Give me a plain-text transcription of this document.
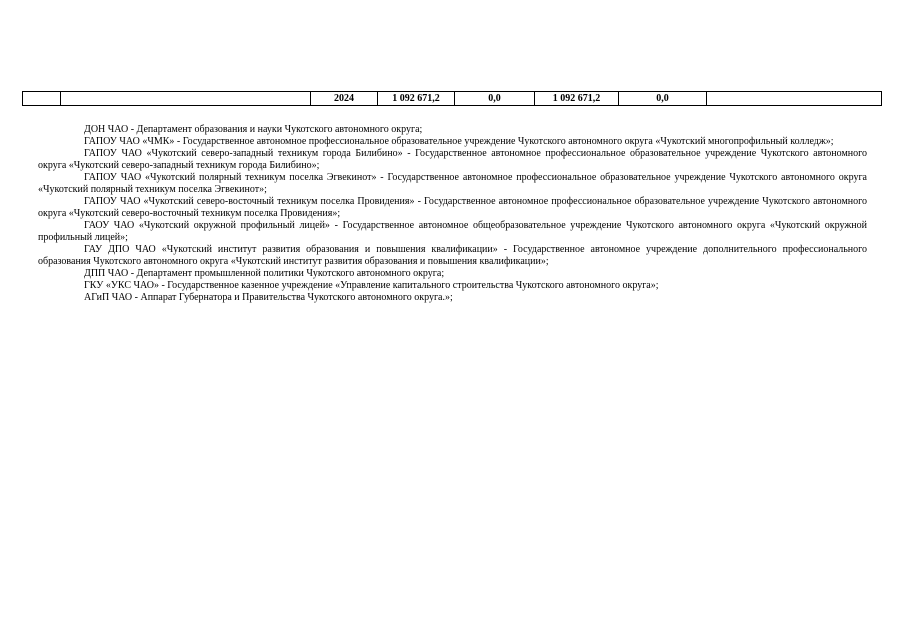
		2024	1 092 671,2	0,0	1 092 671,2	0,0	

ДОН ЧАО - Департамент образования и науки Чукотского автономного округа;

ГАПОУ ЧАО «ЧМК» - Государственное автономное профессиональное образовательное учреждение Чукотского автономного округа «Чукотский многопрофильный колледж»;

ГАПОУ ЧАО «Чукотский северо-западный техникум города Билибино» - Государственное автономное профессиональное образовательное учреждение Чукотского автономного округа «Чукотский северо-западный техникум города Билибино»;

ГАПОУ ЧАО «Чукотский полярный техникум поселка Эгвекинот» - Государственное автономное профессиональное образовательное учреждение Чукотского автономного округа «Чукотский полярный техникум поселка Эгвекинот»;

ГАПОУ ЧАО «Чукотский северо-восточный техникум поселка Провидения» - Государственное автономное профессиональное образовательное учреждение Чукотского автономного округа «Чукотский северо-восточный техникум поселка Провидения»;

ГАОУ ЧАО «Чукотский окружной профильный лицей» - Государственное автономное общеобразовательное учреждение Чукотского автономного округа «Чукотский окружной профильный лицей»;

ГАУ ДПО ЧАО «Чукотский институт развития образования и повышения квалификации» - Государственное автономное учреждение дополнительного профессионального образования Чукотского автономного округа «Чукотский институт развития образования и повышения квалификации»;

ДПП ЧАО - Департамент промышленной политики Чукотского автономного округа;

ГКУ «УКС ЧАО» - Государственное казенное учреждение «Управление капитального строительства Чукотского автономного округа»;

АГиП ЧАО - Аппарат Губернатора и Правительства Чукотского автономного округа.»;
